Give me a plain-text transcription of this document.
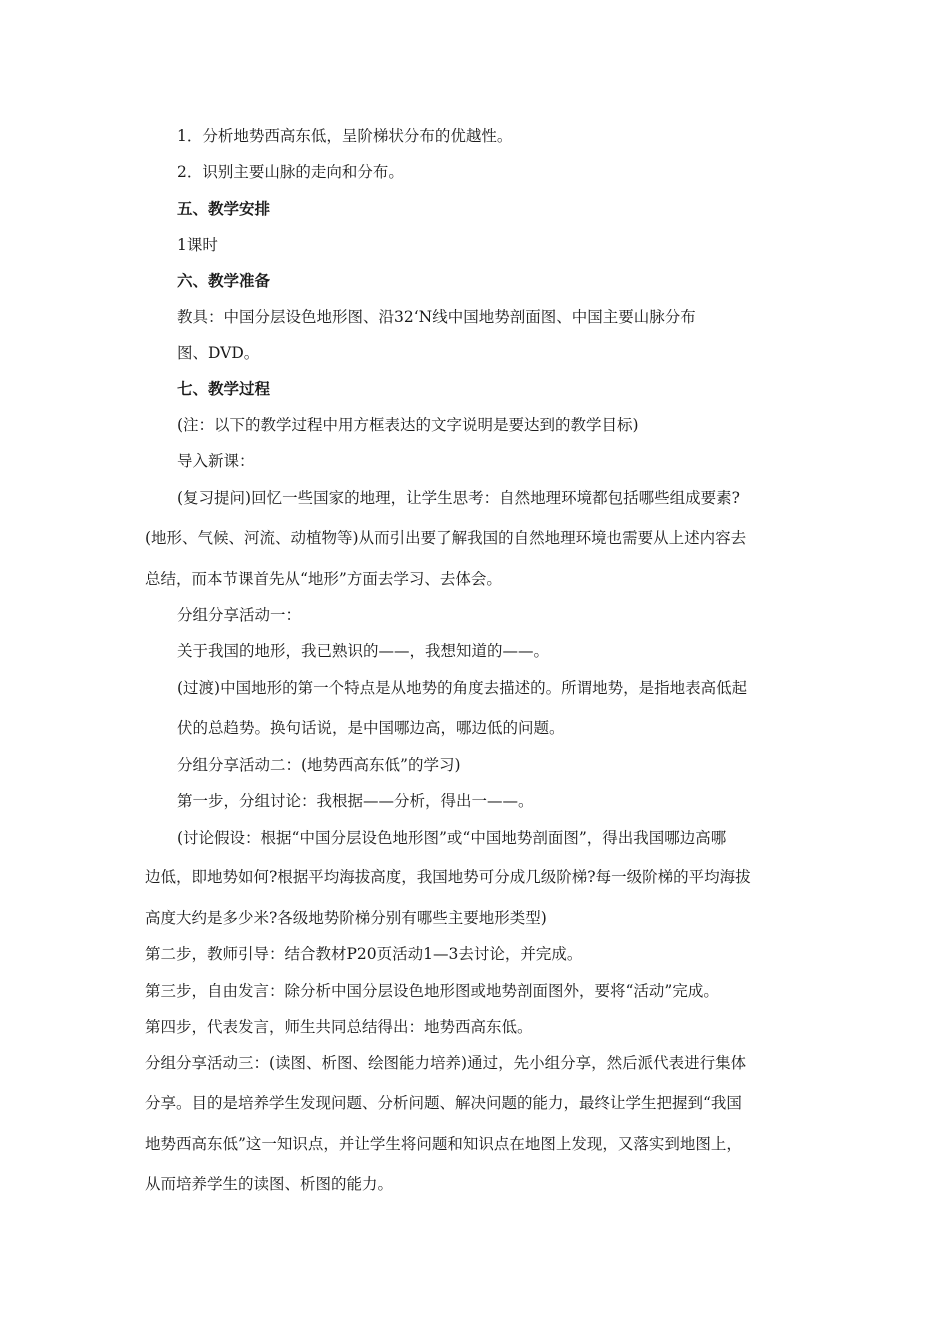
1．分析地势西高东低，呈阶梯状分布的优越性。
2．识别主要山脉的走向和分布。
五、教学安排
1课时
六、教学准备
教具：中国分层设色地形图、沿32‘N线中国地势剖面图、中国主要山脉分布
图、DVD。
七、教学过程
(注：以下的教学过程中用方框表达的文字说明是要达到的教学目标)
导入新课：
(复习提问)回忆一些国家的地理，让学生思考：自然地理环境都包括哪些组成要素?
(地形、气候、河流、动植物等)从而引出要了解我国的自然地理环境也需要从上述内容去
总结，而本节课首先从“地形”方面去学习、去体会。
分组分享活动一：
关于我国的地形，我已熟识的——，我想知道的——。
(过渡)中国地形的第一个特点是从地势的角度去描述的。所谓地势，是指地表高低起
伏的总趋势。换句话说，是中国哪边高，哪边低的问题。
分组分享活动二：(地势西高东低”的学习)
第一步，分组讨论：我根据——分析，得出一——。
(讨论假设：根据“中国分层设色地形图”或“中国地势剖面图”，得出我国哪边高哪
边低，即地势如何?根据平均海拔高度，我国地势可分成几级阶梯?每一级阶梯的平均海拔
高度大约是多少米?各级地势阶梯分别有哪些主要地形类型)
第二步，教师引导：结合教材P20页活动1—3去讨论，并完成。
第三步，自由发言：除分析中国分层设色地形图或地势剖面图外，要将“活动”完成。
第四步，代表发言，师生共同总结得出：地势西高东低。
分组分享活动三：(读图、析图、绘图能力培养)通过，先小组分享，然后派代表进行集体
分享。目的是培养学生发现问题、分析问题、解决问题的能力，最终让学生把握到“我国
地势西高东低”这一知识点，并让学生将问题和知识点在地图上发现，又落实到地图上，
从而培养学生的读图、析图的能力。
